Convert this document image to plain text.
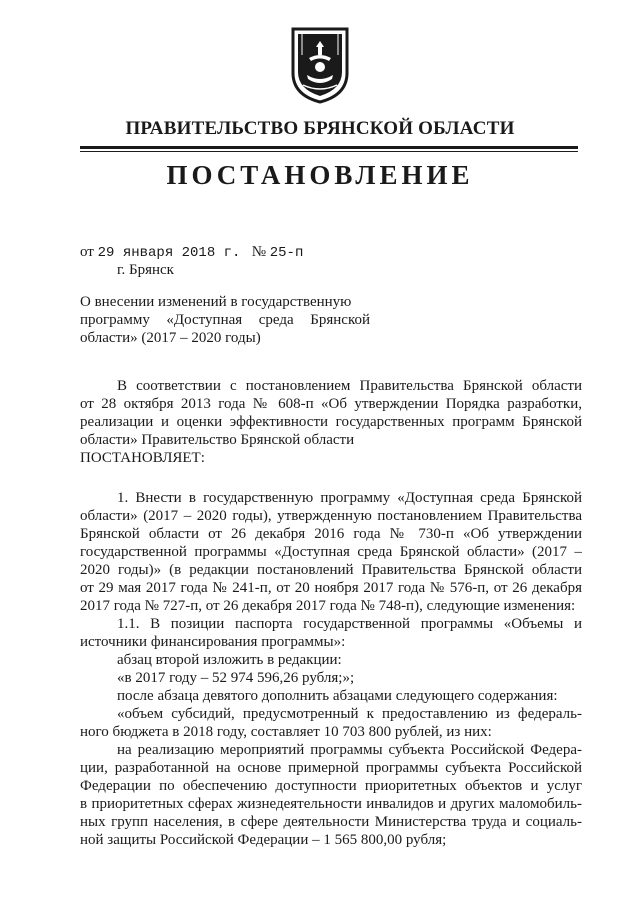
ПРАВИТЕЛЬСТВО БРЯНСКОЙ ОБЛАСТИ
ПОСТАНОВЛЕНИЕ
от 29 января 2018 г. № 25-п
г. Брянск
О внесении изменений в государственную
программу «Доступная среда Брянской
области» (2017 – 2020 годы)
В соответствии с постановлением Правительства Брянской области
от 28 октября 2013 года № 608-п «Об утверждении Порядка разработки,
реализации и оценки эффективности государственных программ Брянской
области» Правительство Брянской области
ПОСТАНОВЛЯЕТ:
1. Внести в государственную программу «Доступная среда Брянской
области» (2017 – 2020 годы), утвержденную постановлением Правительства
Брянской области от 26 декабря 2016 года № 730-п «Об утверждении
государственной программы «Доступная среда Брянской области» (2017 –
2020 годы)» (в редакции постановлений Правительства Брянской области
от 29 мая 2017 года № 241-п, от 20 ноября 2017 года № 576-п, от 26 декабря
2017 года № 727-п, от 26 декабря 2017 года № 748-п), следующие изменения:
1.1. В позиции паспорта государственной программы «Объемы и
источники финансирования программы»:
абзац второй изложить в редакции:
«в 2017 году – 52 974 596,26 рубля;»;
после абзаца девятого дополнить абзацами следующего содержания:
«объем субсидий, предусмотренный к предоставлению из федераль-
ного бюджета в 2018 году, составляет 10 703 800 рублей, из них:
на реализацию мероприятий программы субъекта Российской Федера-
ции, разработанной на основе примерной программы субъекта Российской
Федерации по обеспечению доступности приоритетных объектов и услуг
в приоритетных сферах жизнедеятельности инвалидов и других маломобиль-
ных групп населения, в сфере деятельности Министерства труда и социаль-
ной защиты Российской Федерации – 1 565 800,00 рубля;
